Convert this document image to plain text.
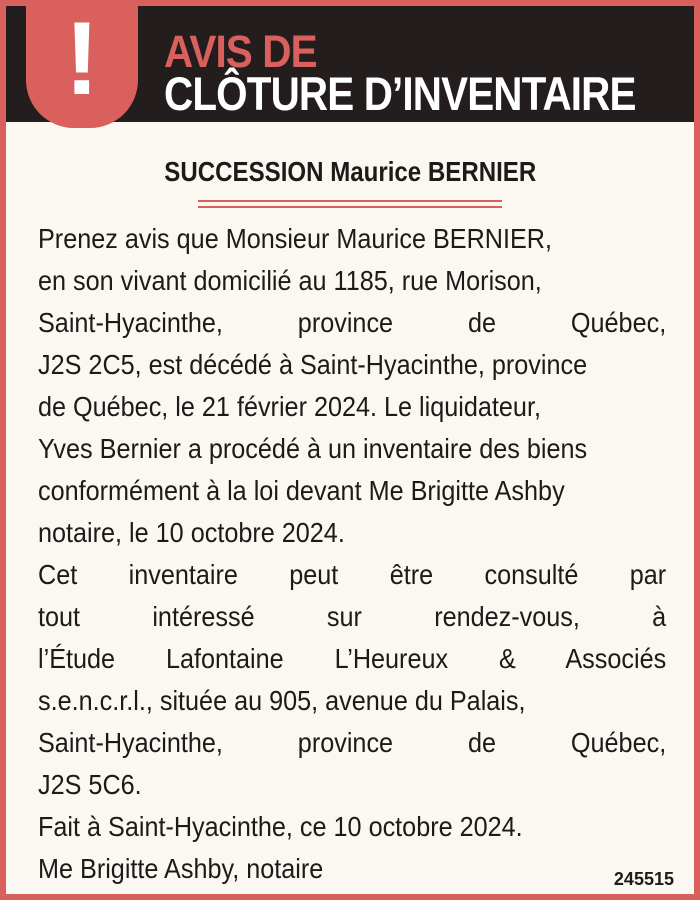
!	AVIS DE
CLÔTURE D’INVENTAIRE
SUCCESSION Maurice BERNIER
Prenez avis que Monsieur Maurice BERNIER,
en son vivant domicilié au 1185, rue Morison,
Saint-Hyacinthe, province de Québec,
J2S 2C5, est décédé à Saint-Hyacinthe, province
de Québec, le 21 février 2024. Le liquidateur,
Yves Bernier a procédé à un inventaire des biens
conformément à la loi devant Me Brigitte Ashby
notaire, le 10 octobre 2024.
Cet inventaire peut être consulté par
tout intéressé sur rendez-vous, à
l’Étude Lafontaine L’Heureux & Associés
s.e.n.c.r.l., située au 905, avenue du Palais,
Saint-Hyacinthe, province de Québec,
J2S 5C6.
Fait à Saint-Hyacinthe, ce 10 octobre 2024.
Me Brigitte Ashby, notaire	245515
